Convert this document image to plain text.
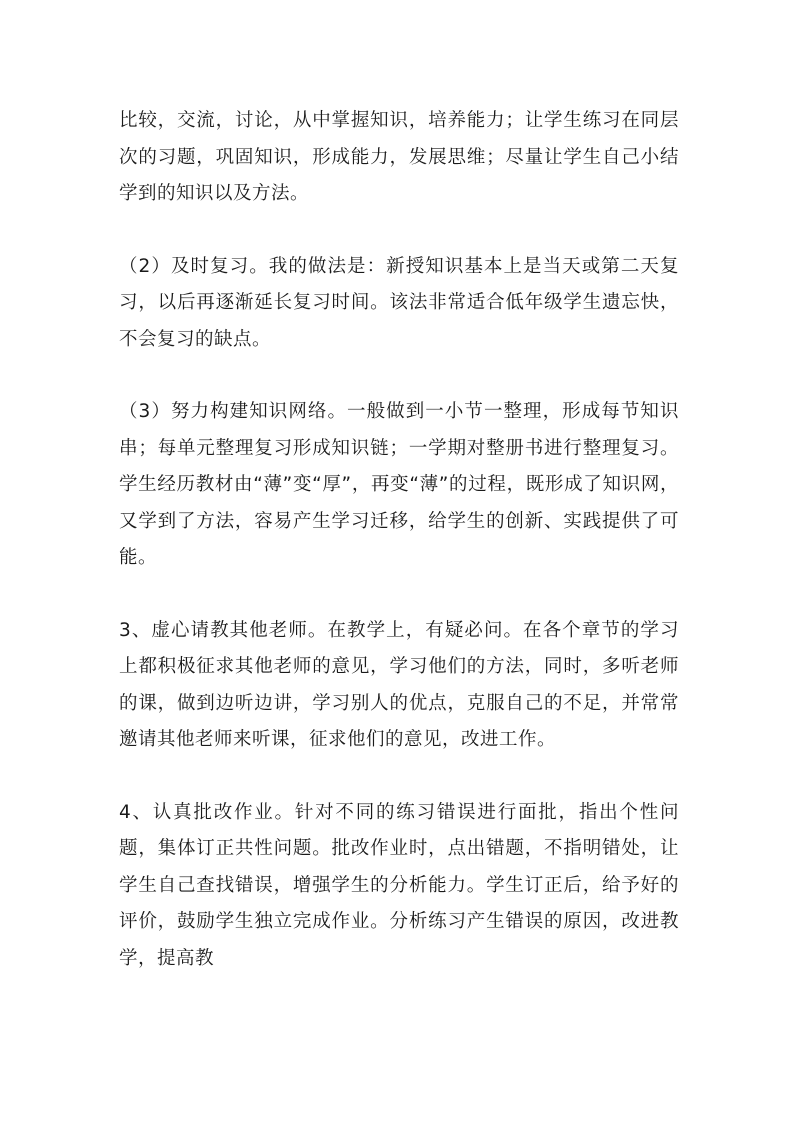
比较，交流，讨论，从中掌握知识，培养能力；让学生练习在同层次的习题，巩固知识，形成能力，发展思维；尽量让学生自己小结学到的知识以及方法。

（2）及时复习。我的做法是：新授知识基本上是当天或第二天复习，以后再逐渐延长复习时间。该法非常适合低年级学生遗忘快，不会复习的缺点。

（3）努力构建知识网络。一般做到一小节一整理，形成每节知识串；每单元整理复习形成知识链；一学期对整册书进行整理复习。学生经历教材由“薄”变“厚”，再变“薄”的过程，既形成了知识网，又学到了方法，容易产生学习迁移，给学生的创新、实践提供了可能。

3、虚心请教其他老师。在教学上，有疑必问。在各个章节的学习上都积极征求其他老师的意见，学习他们的方法，同时，多听老师的课，做到边听边讲，学习别人的优点，克服自己的不足，并常常邀请其他老师来听课，征求他们的意见，改进工作。

4、认真批改作业。针对不同的练习错误进行面批，指出个性问题，集体订正共性问题。批改作业时，点出错题，不指明错处，让学生自己查找错误，增强学生的分析能力。学生订正后，给予好的评价，鼓励学生独立完成作业。分析练习产生错误的原因，改进教学，提高教
